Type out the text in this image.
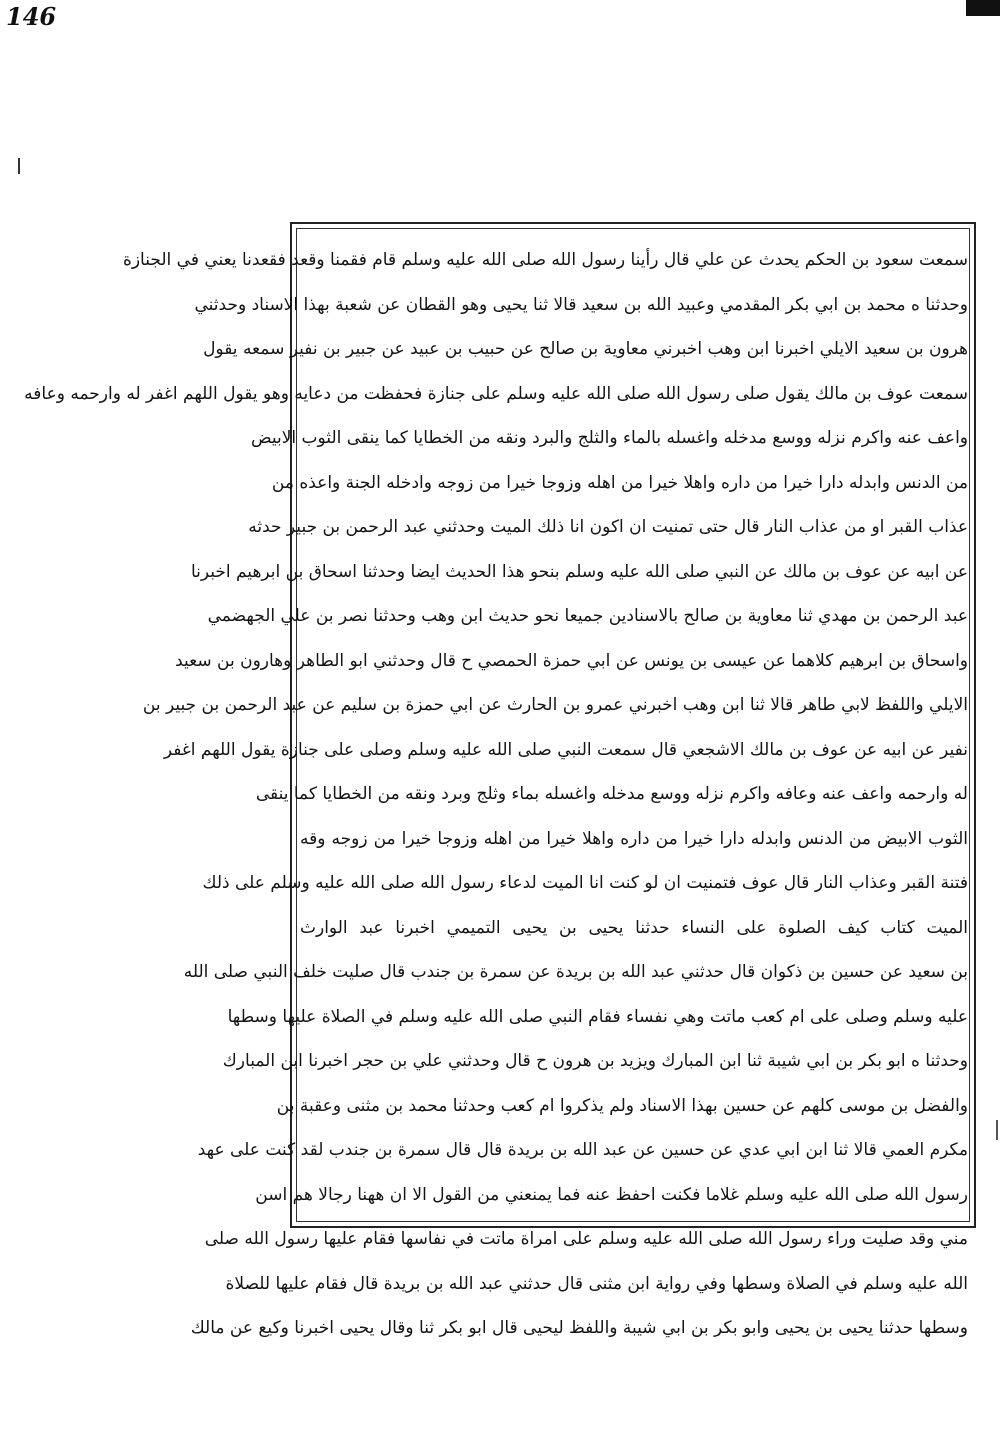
146
سمعت سعود بن الحكم يحدث عن علي قال رأينا رسول الله صلى الله عليه وسلم قام فقمنا وقعد فقعدنا يعني في الجنازة
وحدثنا ه محمد بن ابي بكر المقدمي وعبيد الله بن سعيد قالا ثنا يحيى وهو القطان عن شعبة بهذا الاسناد وحدثني
هرون بن سعيد الايلي اخبرنا ابن وهب اخبرني معاوية بن صالح عن حبيب بن عبيد عن جبير بن نفير سمعه يقول
سمعت عوف بن مالك يقول صلى رسول الله صلى الله عليه وسلم على جنازة فحفظت من دعايه وهو يقول اللهم اغفر له وارحمه وعافه
واعف عنه واكرم نزله ووسع مدخله واغسله بالماء والثلج والبرد ونقه من الخطايا كما ينقى الثوب الابيض
من الدنس وابدله دارا خيرا من داره واهلا خيرا من اهله وزوجا خيرا من زوجه وادخله الجنة واعذه من
عذاب القبر او من عذاب النار قال حتى تمنيت ان اكون انا ذلك الميت وحدثني عبد الرحمن بن جبير حدثه
عن ابيه عن عوف بن مالك عن النبي صلى الله عليه وسلم بنحو هذا الحديث ايضا وحدثنا اسحاق بن ابرهيم اخبرنا
عبد الرحمن بن مهدي ثنا معاوية بن صالح بالاسنادين جميعا نحو حديث ابن وهب وحدثنا نصر بن علي الجهضمي
واسحاق بن ابرهيم كلاهما عن عيسى بن يونس عن ابي حمزة الحمصي ح قال وحدثني ابو الطاهر وهارون بن سعيد
الايلي واللفظ لابي طاهر قالا ثنا ابن وهب اخبرني عمرو بن الحارث عن ابي حمزة بن سليم عن عبد الرحمن بن جبير بن
نفير عن ابيه عن عوف بن مالك الاشجعي قال سمعت النبي صلى الله عليه وسلم وصلى على جنازة يقول اللهم اغفر
له وارحمه واعف عنه وعافه واكرم نزله ووسع مدخله واغسله بماء وثلج وبرد ونقه من الخطايا كما ينقى
الثوب الابيض من الدنس وابدله دارا خيرا من داره واهلا خيرا من اهله وزوجا خيرا من زوجه وقه
فتنة القبر وعذاب النار قال عوف فتمنيت ان لو كنت انا الميت لدعاء رسول الله صلى الله عليه وسلم على ذلك
الميت كتاب كيف الصلوة على النساء حدثنا يحيى بن يحيى التميمي اخبرنا عبد الوارث
بن سعيد عن حسين بن ذكوان قال حدثني عبد الله بن بريدة عن سمرة بن جندب قال صليت خلف النبي صلى الله
عليه وسلم وصلى على ام كعب ماتت وهي نفساء فقام النبي صلى الله عليه وسلم في الصلاة عليها وسطها
وحدثنا ه ابو بكر بن ابي شيبة ثنا ابن المبارك ويزيد بن هرون ح قال وحدثني علي بن حجر اخبرنا ابن المبارك
والفضل بن موسى كلهم عن حسين بهذا الاسناد ولم يذكروا ام كعب وحدثنا محمد بن مثنى وعقبة بن
مكرم العمي قالا ثنا ابن ابي عدي عن حسين عن عبد الله بن بريدة قال قال سمرة بن جندب لقد كنت على عهد
رسول الله صلى الله عليه وسلم غلاما فكنت احفظ عنه فما يمنعني من القول الا ان ههنا رجالا هم اسن
مني وقد صليت وراء رسول الله صلى الله عليه وسلم على امراة ماتت في نفاسها فقام عليها رسول الله صلى
الله عليه وسلم في الصلاة وسطها وفي رواية ابن مثنى قال حدثني عبد الله بن بريدة قال فقام عليها للصلاة
وسطها حدثنا يحيى بن يحيى وابو بكر بن ابي شيبة واللفظ ليحيى قال ابو بكر ثنا وقال يحيى اخبرنا وكيع عن مالك
